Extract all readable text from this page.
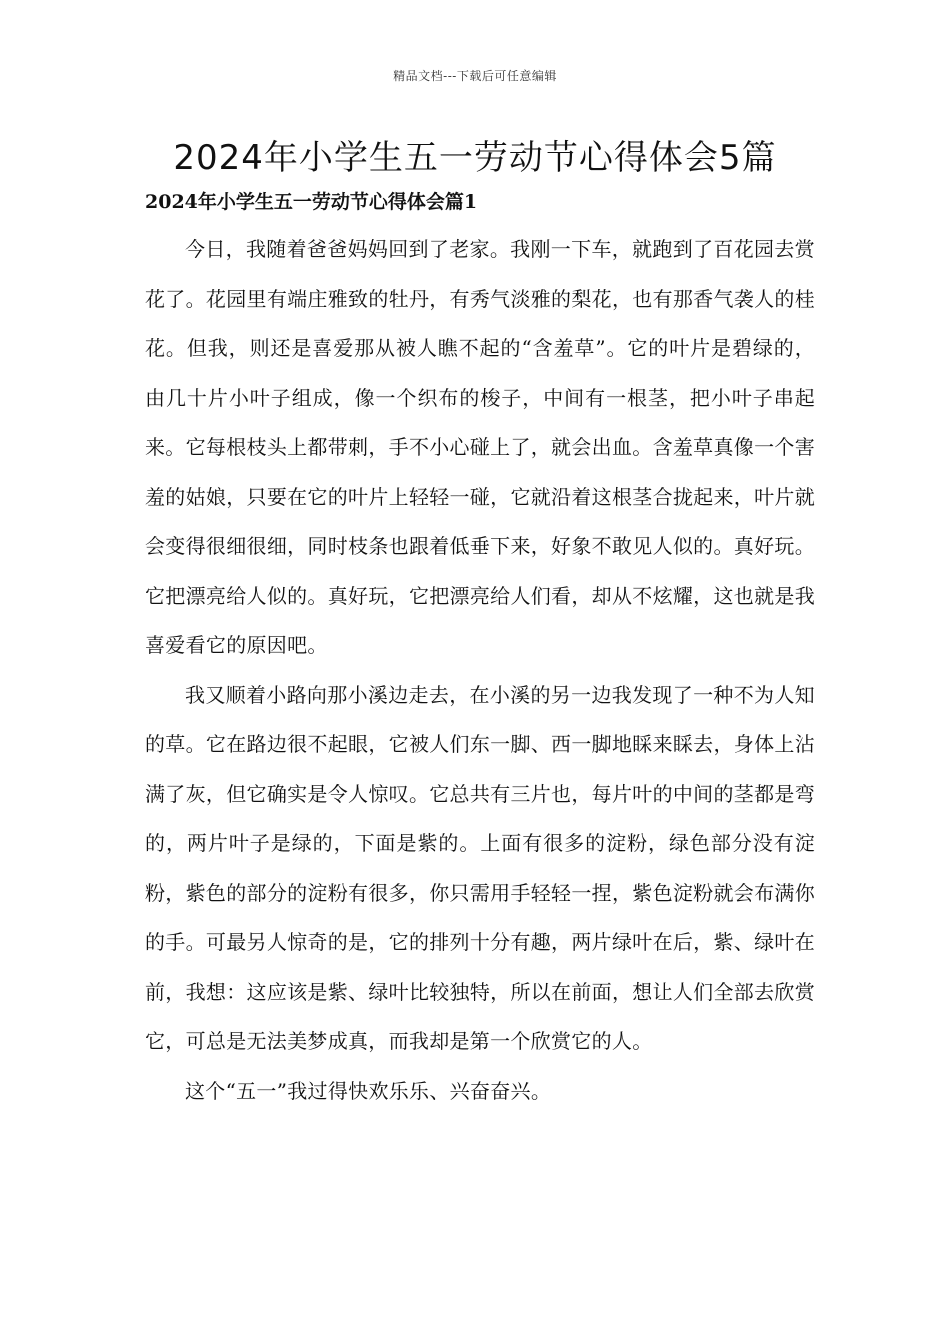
精品文档---下载后可任意编辑
2024年小学生五一劳动节心得体会5篇
2024年小学生五一劳动节心得体会篇1

今日，我随着爸爸妈妈回到了老家。我刚一下车，就跑到了百花园去赏花了。花园里有端庄雅致的牡丹，有秀气淡雅的梨花，也有那香气袭人的桂花。但我，则还是喜爱那从被人瞧不起的“含羞草”。它的叶片是碧绿的，由几十片小叶子组成，像一个织布的梭子，中间有一根茎，把小叶子串起来。它每根枝头上都带刺，手不小心碰上了，就会出血。含羞草真像一个害羞的姑娘，只要在它的叶片上轻轻一碰，它就沿着这根茎合拢起来，叶片就会变得很细很细，同时枝条也跟着低垂下来，好象不敢见人似的。真好玩。它把漂亮给人似的。真好玩，它把漂亮给人们看，却从不炫耀，这也就是我喜爱看它的原因吧。

我又顺着小路向那小溪边走去，在小溪的另一边我发现了一种不为人知的草。它在路边很不起眼，它被人们东一脚、西一脚地睬来睬去，身体上沾满了灰，但它确实是令人惊叹。它总共有三片也，每片叶的中间的茎都是弯的，两片叶子是绿的，下面是紫的。上面有很多的淀粉，绿色部分没有淀粉，紫色的部分的淀粉有很多，你只需用手轻轻一捏，紫色淀粉就会布满你的手。可最另人惊奇的是，它的排列十分有趣，两片绿叶在后，紫、绿叶在前，我想：这应该是紫、绿叶比较独特，所以在前面，想让人们全部去欣赏它，可总是无法美梦成真，而我却是第一个欣赏它的人。

这个“五一”我过得快欢乐乐、兴奋奋兴。
